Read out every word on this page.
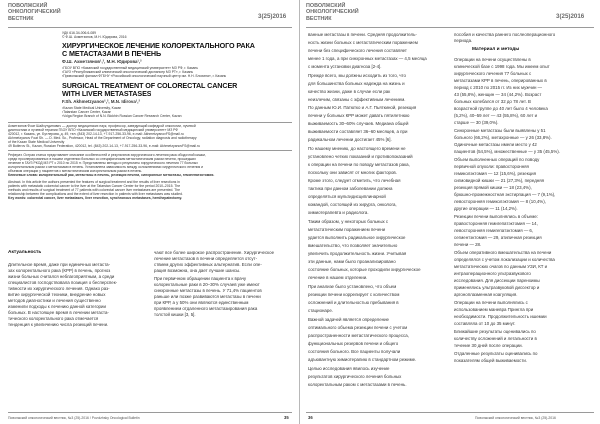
ПОВОЛЖСКИЙ
ОНКОЛОГИЧЕСКИЙ
ВЕСТНИК	3(25)2016
УДК 616.34-006.6-089
© Ф.Ш. Ахметзянов, М.Н. Юдирова, 2016
ХИРУРГИЧЕСКОЕ ЛЕЧЕНИЕ КОЛОРЕКТАЛЬНОГО РАКА
С МЕТАСТАЗАМИ В ПЕЧЕНЬ
Ф.Ш. Ахметзянов¹,², М.Н. Юдирова¹,²
¹ГБОУ ВПО «Казанский государственный медицинский университет» МЗ РФ, г. Казань
²ГАУЗ «Республиканский клинический онкологический диспансер МЗ РТ», г. Казань
³Приволжский филиал ФГБНУ «Российский онкологический научный центр им. Н.Н. Блохина», г. Казань
SURGICAL TREATMENT OF COLORECTAL CANCER
WITH LIVER METASTASES
F.Sh. Akhmetzyanov¹,², M.N. Idirova¹,²
¹Kazan State Medical University, Kazan
²Tatarstan Cancer Center, Kazan
³Volga Region Branch of N.N. Blokhin Russian Cancer Research Center, Kazan
Ахметзянов Фоат Шайхутдинович — доктор медицинских наук, профессор, заведующий кафедрой онкологии, лучевой
диагностики и лучевой терапии ГБОУ ВПО «Казанский государственный медицинский университет» МЗ РФ
420012, г. Казань, ул. Бутлерова, д. 49, тел. (843) 202-14-13, +7-917-256-33-96, e-mail: AkhmetzyanovFS@mail.ru
Akhmetzyanov Foat Sh. — D. Med. Sc., Professor, Head of the Department of Oncology, radiation diagnosis and radiotherapy
of the Kazan State Medical University
49 Butlerov St., Kazan, Russian Federation, 420012, tel. (843) 202-14-13, +7-917-256-33-96, e-mail: AkhmetzyanovFS@mail.ru
Реферат. Острая статья представляет описание особенностей и результатов хирургического лечения рака ободочной кишки,
среди прооперированных в нашем отделении больных со специфическим метастатическим раком печени, прошедших
лечение в ГАУЗ РКОД МЗ РТ с 2010 по 2015 гг. Представлены методы и результаты хирургического лечения 77 больных
колоректальным раком с метастазами в печень. Установлена зависимость между осложнениями хирургического лечения и
объемом операции у пациентов с метастатическим колоректальным раком в печень.
Ключевые слова: колоректальный рак, метастазы в печень, резекция печени, синхронные метастазы, гемигепатэктомия.
Abstract. In this article the authors presented the features of surgical treatment and the results of liver resections in
patients with metastatic colorectal cancer to the liver at the Tatarstan Cancer Center for the period 2010–2015. The
methods and results of surgical treatment of 77 patients with colorectal cancer liver metastases are presented. The
relationship between the complications and the extent of liver resection in patients with liver metastases was studied.
Key words: colorectal cancer, liver metastases, liver resection, synchronous metastases, hemihepatectomy.
Актуальность
Длительное время, даже при единичных метаста-
зах колоректального рака (КРР) в печень, прогноз
жизни больных считался неблагоприятным, а среди
специалистов господствовала позиция о бесперспек-
тивности их хирургического лечения. Однако раз-
витие хирургической техники, внедрение новых
методов диагностики и лечения существенно
изменили подходы к лечению данной категории
больных. В настоящее время в лечении метаста-
тического колоректального рака отмечается
тенденция к увеличению числа резекций печени.
чают все более широкое распространение. Хирургическое
лечение метастазов в печени определяется отсут-
ствием других эффективных альтернатив. Если опе-
рация возможна, она дает лучшие шансы.
При первичном обращении пациента к врачу
колоректальные раки в 20–30% случаев уже имеют
синхронные метастазы в печень. У 71,4% пациентов
раньше или позже развиваются метастазы в печени
при КРР, а у 50% они являются единственным
проявлением отдаленного метастазирования рака
толстой кишки [3, 5].
Поволжский онкологический вестник, №3 (25)-2016 / Povolzhsky Oncological Bulletin	35
ПОВОЛЖСКИЙ
ОНКОЛОГИЧЕСКИЙ
ВЕСТНИК	3(25)2016
ванные метастазы в печени. Средняя продолжитель-
ность жизни больных с метастатическим поражением
печени без специфического лечения составляет
менее 1 года, а при синхронных метастазах — 4,5 месяца
с момента установки диагноза [2-4].
Прежде всего, мы должны исходить из того, что
для большинства больных надежда на жизнь и
качество жизни, даже в случае если рак
неизлечим, связаны с эффективным лечением.
По данным Ю.И. Патютко и А.Г. Пьяткиной, резекция
печени у больных КРР может давать пятилетнюю
выживаемость 30–60% случаев. Медиана общей
выживаемости составляет 36–60 месяцев, а при
радикальном лечении достигает 45% [6].
По нашему мнению, до настоящего времени не
установлено четких показаний и противопоказаний
к операции на печени по поводу метастазов рака,
поскольку они зависят от многих факторов.
Кроме этого, следует отметить, что лечебная
тактика при данном заболевании должна
определяться мультидисциплинарной
командой, состоящей из хирурга, онколога,
химиотерапевта и радиолога.
Таким образом, у некоторых больных с
метастатическим поражением печени
удается выполнить радикальное хирургическое
вмешательство, что позволяет значительно
увеличить продолжительность жизни. Учитывая
эти данные, нами было проанализировано
состояние больных, которые проходили хирургическое
лечение в нашем отделении.
При анализе было установлено, что объем
резекции печени коррелирует с количеством
осложнений и длительностью пребывания в
стационаре.
Важной задачей является определение
оптимального объема резекции печени с учетом
распространенности метастатического процесса,
функциональных резервов печени и общего
состояния больного. Все пациенты получали
адъювантную химиотерапию в стандартном режиме.
Целью исследования явилось изучение
результатов хирургического лечения больных
колоректальным раком с метастазами в печень.
пособия и качества раннего послеоперационного
периода.
Материал и методы
Операции на печени осуществлены в
клинической базе с 1998 года. Мы имеем опыт
хирургического лечения 77 больных с
метастазами КРР в печень, оперированных в
период с 2010 по 2015 гг. Из них мужчин —
43 (55,8%), женщин — 34 (44,2%). Возраст
больных колебался от 32 до 78 лет. В
возрастной группе до 40 лет было 4 человека
(5,2%), 40–59 лет — 43 (55,8%), 60 лет и
старше — 30 (39,0%).
Синхронные метастазы были выявлены у 51
больного (66,2%), метахронные — у 26 (33,8%).
Одиночные метастазы имели место у 42
пациентов (54,5%), множественные — у 35 (45,5%).
Объем выполненных операций по поводу
первичной опухоли: правосторонняя
гемиколэктомия — 12 (15,6%), резекция
сигмовидной кишки — 21 (27,3%), передняя
резекция прямой кишки — 18 (23,4%),
брюшно-промежностная экстирпация — 7 (9,1%),
левосторонняя гемиколэктомия — 8 (10,4%),
другие операции — 11 (14,2%).
Резекции печени выполнялись в объеме:
правосторонняя гемигепатэктомия — 14,
левосторонняя гемигепатэктомия — 6,
сегментэктомия — 29, атипичная резекция
печени — 28.
Объем оперативного вмешательства на печени
определялся с учетом локализации и количества
метастатических очагов по данным УЗИ, КТ и
интраоперационного ультразвукового
исследования. Для диссекции паренхимы
применялись ультразвуковой диссектор и
аргоноплазменная коагуляция.
Операции на печени выполнялись с
использованием маневра Прингла при
необходимости. Продолжительность ишемии
составляла от 10 до 35 минут.
Ближайшие результаты оценивались по
количеству осложнений и летальности в
течение 30 дней после операции.
Отдаленные результаты оценивались по
показателям общей выживаемости.
36	Поволжский онкологический вестник, №3 (25)-2016
